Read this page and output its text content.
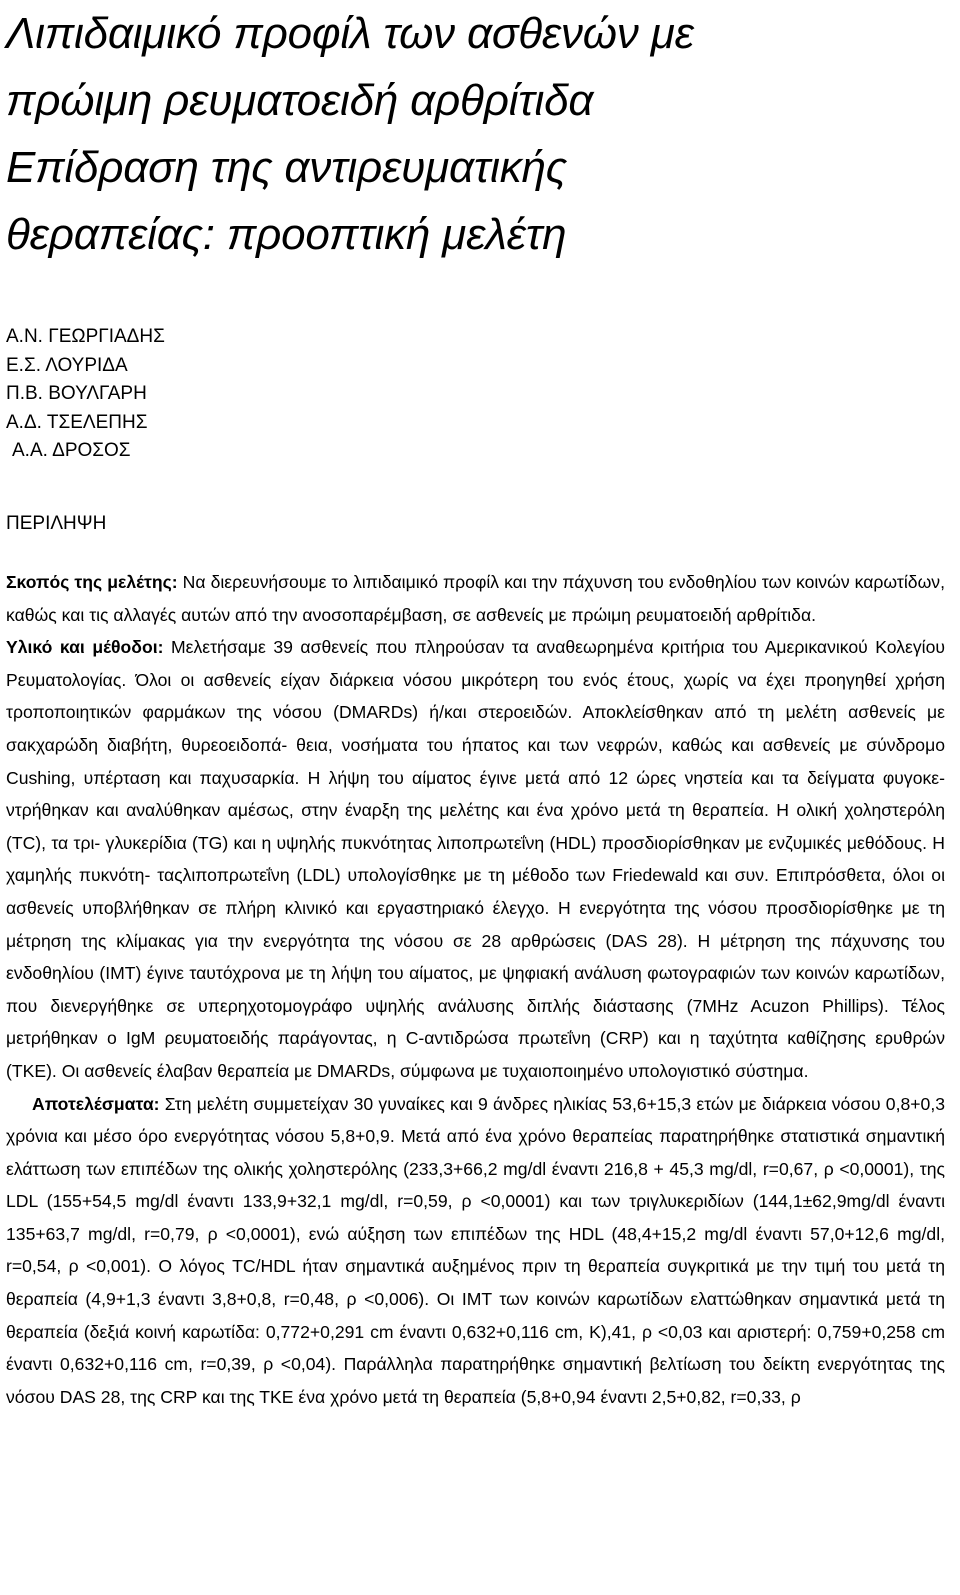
Λιπιδαιμικό προφίλ των ασθενών με
πρώιμη ρευματοειδή αρθρίτιδα
Επίδραση της αντιρευματικής
θεραπείας: προοπτική μελέτη
Α.Ν. ΓΕΩΡΓΙΑΔΗΣ
Ε.Σ. ΛΟΥΡΙΔΑ
Π.Β. ΒΟΥΛΓΑΡΗ
Α.Δ. ΤΣΕΛΕΠΗΣ
Α.Α. ΔΡΟΣΟΣ
ΠΕΡΙΛΗΨΗ

Σκοπός της μελέτης: Να διερευνήσουμε το λιπιδαιμικό προφίλ και την πάχυνση του ενδοθηλίου των κοινών καρωτίδων, καθώς και τις αλλαγές αυτών από την ανοσοπαρέμβαση, σε ασθενείς με πρώιμη ρευματοειδή αρθρίτιδα.

Υλικό και μέθοδοι: Μελετήσαμε 39 ασθενείς που πληρούσαν τα αναθεωρημένα κριτήρια του Αμερικανικού Κολεγίου Ρευματολογίας. Όλοι οι ασθενείς είχαν διάρκεια νόσου μικρότερη του ενός έτους, χωρίς να έχει προηγηθεί χρήση τροποποιητικών φαρμάκων της νόσου (DMARDs) ή/και στεροειδών. Αποκλείσθηκαν από τη μελέτη ασθενείς με σακχαρώδη διαβήτη, θυρεοειδοπά- θεια, νοσήματα του ήπατος και των νεφρών, καθώς και ασθενείς με σύνδρομο Cushing, υπέρταση και παχυσαρκία. Η λήψη του αίματος έγινε μετά από 12 ώρες νηστεία και τα δείγματα φυγοκε- ντρήθηκαν και αναλύθηκαν αμέσως, στην έναρξη της μελέτης και ένα χρόνο μετά τη θεραπεία. Η ολική χοληστερόλη (TC), τα τρι- γλυκερίδια (TG) και η υψηλής πυκνότητας λιποπρωτεΐνη (HDL) προσδιορίσθηκαν με ενζυμικές μεθόδους. Η χαμηλής πυκνότη- ταςλιποπρωτεΐνη (LDL) υπολογίσθηκε με τη μέθοδο των Friedewald και συν. Επιπρόσθετα, όλοι οι ασθενείς υποβλήθηκαν σε πλήρη κλινικό και εργαστηριακό έλεγχο. Η ενεργότητα της νόσου προσδιορίσθηκε με τη μέτρηση της κλίμακας για την ενεργότητα της νόσου σε 28 αρθρώσεις (DAS 28). Η μέτρηση της πάχυνσης του ενδοθηλίου (IMT) έγινε ταυτόχρονα με τη λήψη του αίματος, με ψηφιακή ανάλυση φωτογραφιών των κοινών καρωτίδων, που διενεργήθηκε σε υπερηχοτομογράφο υψηλής ανάλυσης διπλής διάστασης (7MHz Acuzon Phillips). Τέλος μετρήθηκαν ο IgM ρευματοειδής παράγοντας, η C-αντιδρώσα πρωτεΐνη (CRP) και η ταχύτητα καθίζησης ερυθρών (ΤΚΕ). Οι ασθενείς έλαβαν θεραπεία με DMARDs, σύμφωνα με τυχαιοποιημένο υπολογιστικό σύστημα.

Αποτελέσματα: Στη μελέτη συμμετείχαν 30 γυναίκες και 9 άνδρες ηλικίας 53,6+15,3 ετών με διάρκεια νόσου 0,8+0,3 χρόνια και μέσο όρο ενεργότητας νόσου 5,8+0,9. Μετά από ένα χρόνο θεραπείας παρατηρήθηκε στατιστικά σημαντική ελάττωση των επιπέδων της ολικής χοληστερόλης (233,3+66,2 mg/dl έναντι 216,8 + 45,3 mg/dl, r=0,67, ρ <0,0001), της LDL (155+54,5 mg/dl έναντι 133,9+32,1 mg/dl, r=0,59, ρ <0,0001) και των τριγλυκεριδίων (144,1±62,9mg/dl έναντι 135+63,7 mg/dl, r=0,79, ρ <0,0001), ενώ αύξηση των επιπέδων της HDL (48,4+15,2 mg/dl έναντι 57,0+12,6 mg/dl, r=0,54, ρ <0,001). Ο λόγος TC/HDL ήταν σημαντικά αυξημένος πριν τη θεραπεία συγκριτικά με την τιμή του μετά τη θεραπεία (4,9+1,3 έναντι 3,8+0,8, r=0,48, ρ <0,006). Οι ΙΜΤ των κοινών καρωτίδων ελαττώθηκαν σημαντικά μετά τη θεραπεία (δεξιά κοινή καρωτίδα: 0,772+0,291 cm έναντι 0,632+0,116 cm, K),41, ρ <0,03 και αριστερή: 0,759+0,258 cm έναντι 0,632+0,116 cm, r=0,39, ρ <0,04). Παράλληλα παρατηρήθηκε σημαντική βελτίωση του δείκτη ενεργότητας της νόσου DAS 28, της CRP και της ΤΚΕ ένα χρόνο μετά τη θεραπεία (5,8+0,94 έναντι 2,5+0,82, r=0,33, ρ
